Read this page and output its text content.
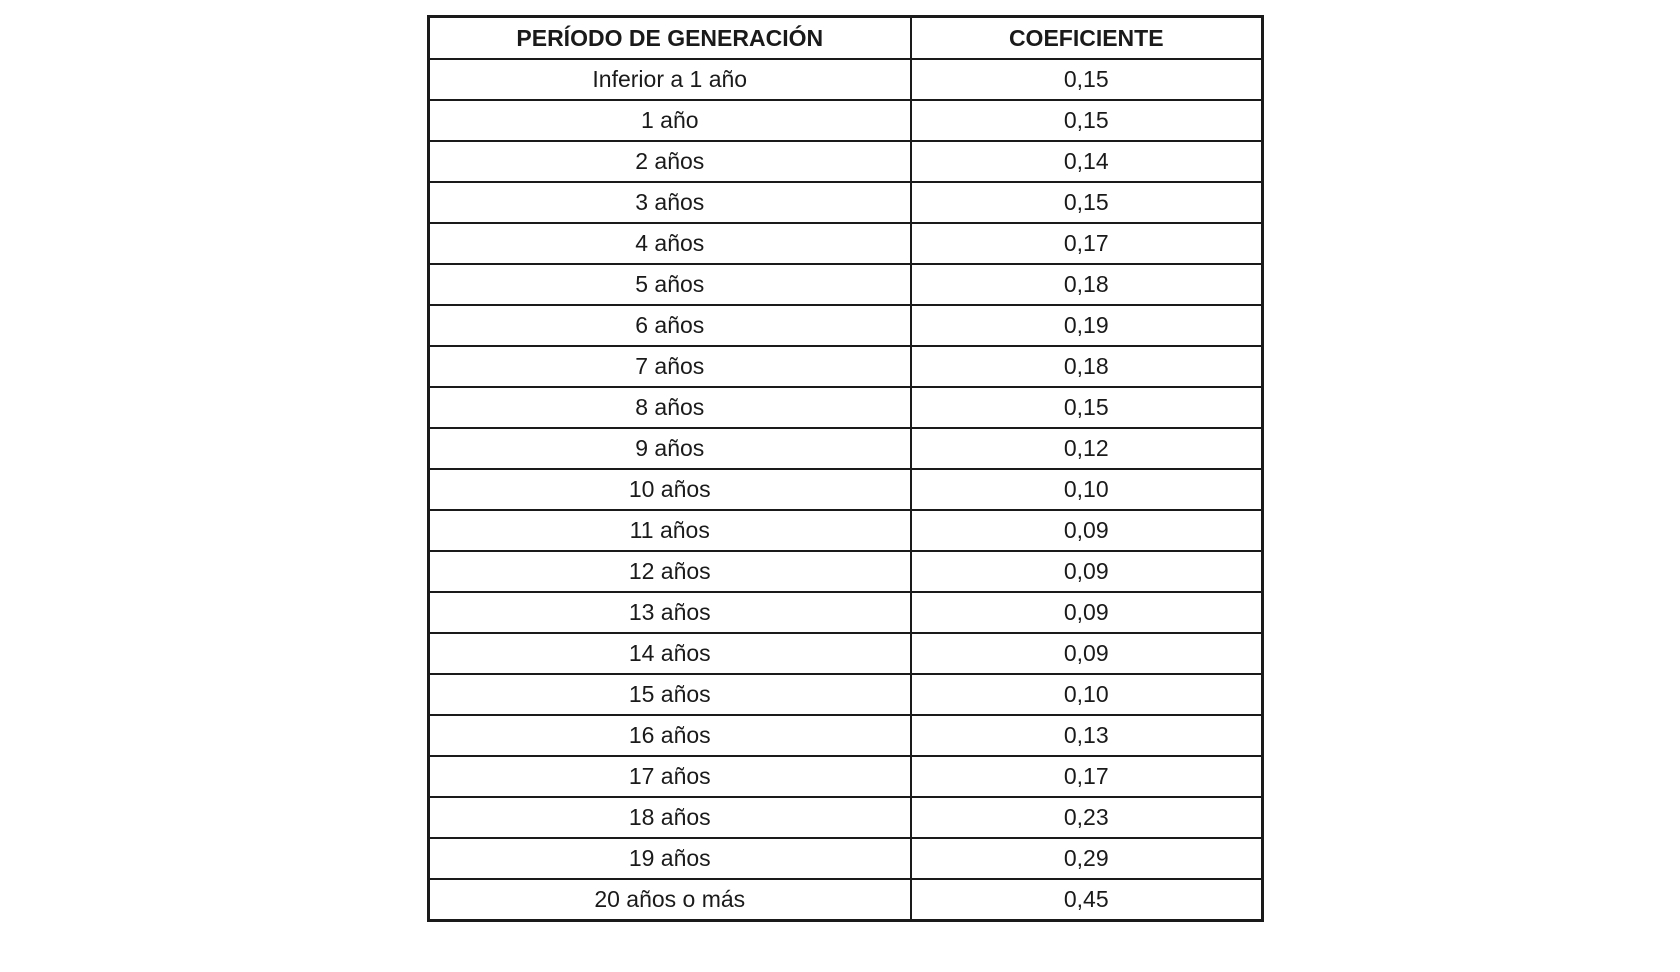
PERÍODO DE GENERACIÓN	COEFICIENTE
Inferior a 1 año	0,15
1 año	0,15
2 años	0,14
3 años	0,15
4 años	0,17
5 años	0,18
6 años	0,19
7 años	0,18
8 años	0,15
9 años	0,12
10 años	0,10
11 años	0,09
12 años	0,09
13 años	0,09
14 años	0,09
15 años	0,10
16 años	0,13
17 años	0,17
18 años	0,23
19 años	0,29
20 años o más	0,45
